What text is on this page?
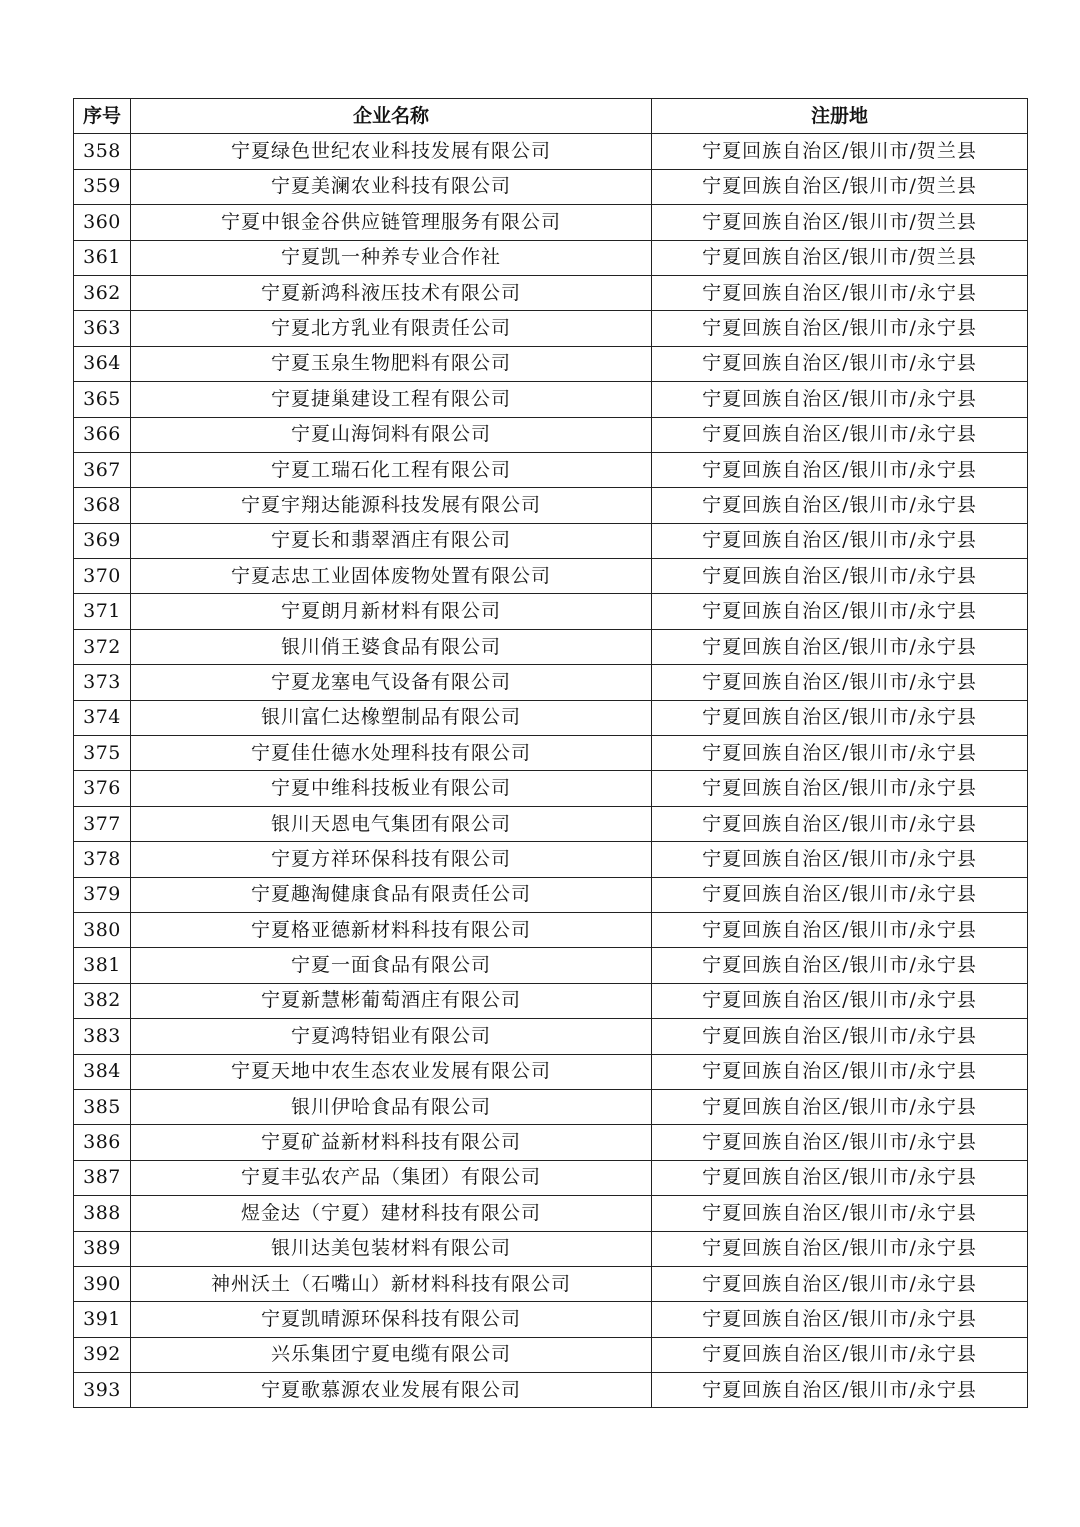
序号	企业名称	注册地
358	宁夏绿色世纪农业科技发展有限公司	宁夏回族自治区/银川市/贺兰县
359	宁夏美澜农业科技有限公司	宁夏回族自治区/银川市/贺兰县
360	宁夏中银金谷供应链管理服务有限公司	宁夏回族自治区/银川市/贺兰县
361	宁夏凯一种养专业合作社	宁夏回族自治区/银川市/贺兰县
362	宁夏新鸿科液压技术有限公司	宁夏回族自治区/银川市/永宁县
363	宁夏北方乳业有限责任公司	宁夏回族自治区/银川市/永宁县
364	宁夏玉泉生物肥料有限公司	宁夏回族自治区/银川市/永宁县
365	宁夏捷巢建设工程有限公司	宁夏回族自治区/银川市/永宁县
366	宁夏山海饲料有限公司	宁夏回族自治区/银川市/永宁县
367	宁夏工瑞石化工程有限公司	宁夏回族自治区/银川市/永宁县
368	宁夏宇翔达能源科技发展有限公司	宁夏回族自治区/银川市/永宁县
369	宁夏长和翡翠酒庄有限公司	宁夏回族自治区/银川市/永宁县
370	宁夏志忠工业固体废物处置有限公司	宁夏回族自治区/银川市/永宁县
371	宁夏朗月新材料有限公司	宁夏回族自治区/银川市/永宁县
372	银川俏王婆食品有限公司	宁夏回族自治区/银川市/永宁县
373	宁夏龙塞电气设备有限公司	宁夏回族自治区/银川市/永宁县
374	银川富仁达橡塑制品有限公司	宁夏回族自治区/银川市/永宁县
375	宁夏佳仕德水处理科技有限公司	宁夏回族自治区/银川市/永宁县
376	宁夏中维科技板业有限公司	宁夏回族自治区/银川市/永宁县
377	银川天恩电气集团有限公司	宁夏回族自治区/银川市/永宁县
378	宁夏方祥环保科技有限公司	宁夏回族自治区/银川市/永宁县
379	宁夏趣淘健康食品有限责任公司	宁夏回族自治区/银川市/永宁县
380	宁夏格亚德新材料科技有限公司	宁夏回族自治区/银川市/永宁县
381	宁夏一面食品有限公司	宁夏回族自治区/银川市/永宁县
382	宁夏新慧彬葡萄酒庄有限公司	宁夏回族自治区/银川市/永宁县
383	宁夏鸿特铝业有限公司	宁夏回族自治区/银川市/永宁县
384	宁夏天地中农生态农业发展有限公司	宁夏回族自治区/银川市/永宁县
385	银川伊哈食品有限公司	宁夏回族自治区/银川市/永宁县
386	宁夏矿益新材料科技有限公司	宁夏回族自治区/银川市/永宁县
387	宁夏丰弘农产品（集团）有限公司	宁夏回族自治区/银川市/永宁县
388	煜金达（宁夏）建材科技有限公司	宁夏回族自治区/银川市/永宁县
389	银川达美包装材料有限公司	宁夏回族自治区/银川市/永宁县
390	神州沃土（石嘴山）新材料科技有限公司	宁夏回族自治区/银川市/永宁县
391	宁夏凯晴源环保科技有限公司	宁夏回族自治区/银川市/永宁县
392	兴乐集团宁夏电缆有限公司	宁夏回族自治区/银川市/永宁县
393	宁夏歌慕源农业发展有限公司	宁夏回族自治区/银川市/永宁县
